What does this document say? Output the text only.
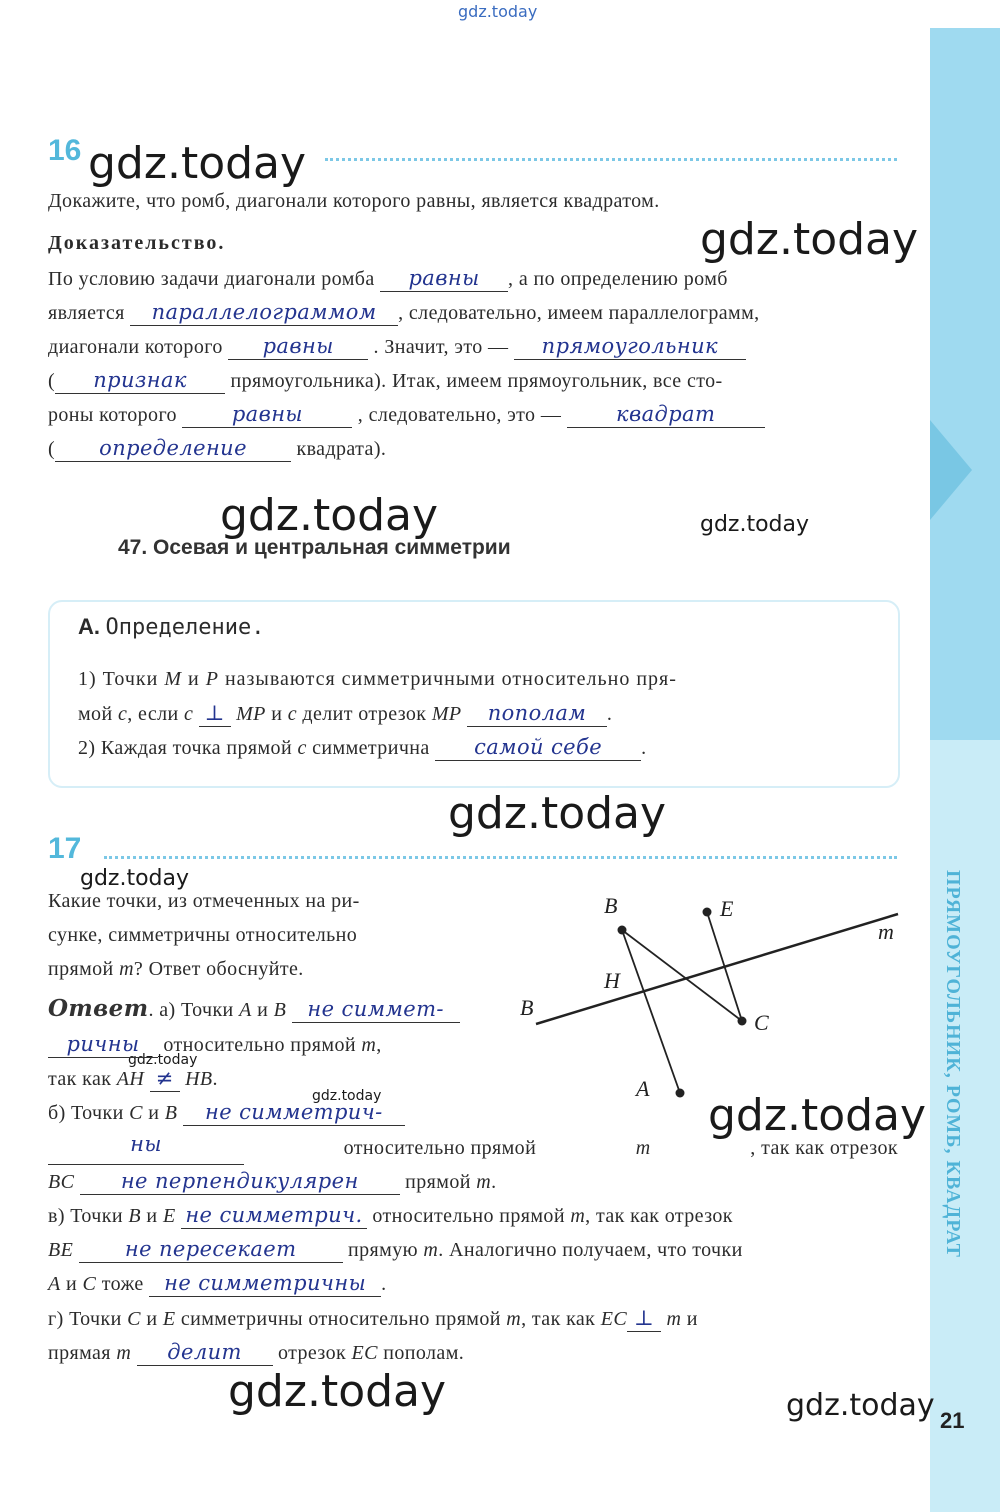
ПРЯМОУГОЛЬНИК, РОМБ, КВАДРАТ
gdz.today
gdz.today
gdz.today
gdz.today	gdz.today
gdz.today
gdz.today
gdz.today
gdz.today	gdz.today
gdz.today	gdz.today
16
Докажите, что ромб, диагонали которого равны, является квадратом.
Доказательство.
По условию задачи диагонали ромба равны , а по определению ромб
является параллелограммом , следовательно, имеем параллелограмм,
диагонали которого равны . Значит, это — прямоугольник
( признак прямоугольника). Итак, имеем прямоугольник, все сто-
роны которого	равны	, следовательно, это —	квадрат
( определение квадрата).
47. Осевая и центральная симметрии
А. Определение.
1) Точки M и P называются симметричными относительно пря-
мой c, если c ⊥ MP и c делит отрезок MP пополам .
2) Каждая точка прямой c симметрична самой себе .
17
Какие точки, из отмеченных на ри-
сунке, симметричны относительно
прямой m? Ответ обоснуйте.
Ответ. а) Точки A и B не симмет-
ричны относительно прямой m,
так как AH ≠ HB.
б) Точки C и B не симметрич-
ны	относительно прямой	m	, так как отрезок
BC не перпендикулярен прямой m.
в) Точки B и E не симметрич. относительно прямой m, так как отрезок
BE не пересекает	прямую m. Аналогично получаем, что точки
A и C тоже не симметричны .
г) Точки C и E симметричны относительно прямой m, так как EC ⊥ m и
прямая m делит отрезок EC пополам.
B	E
m
H
B
C
A
21
